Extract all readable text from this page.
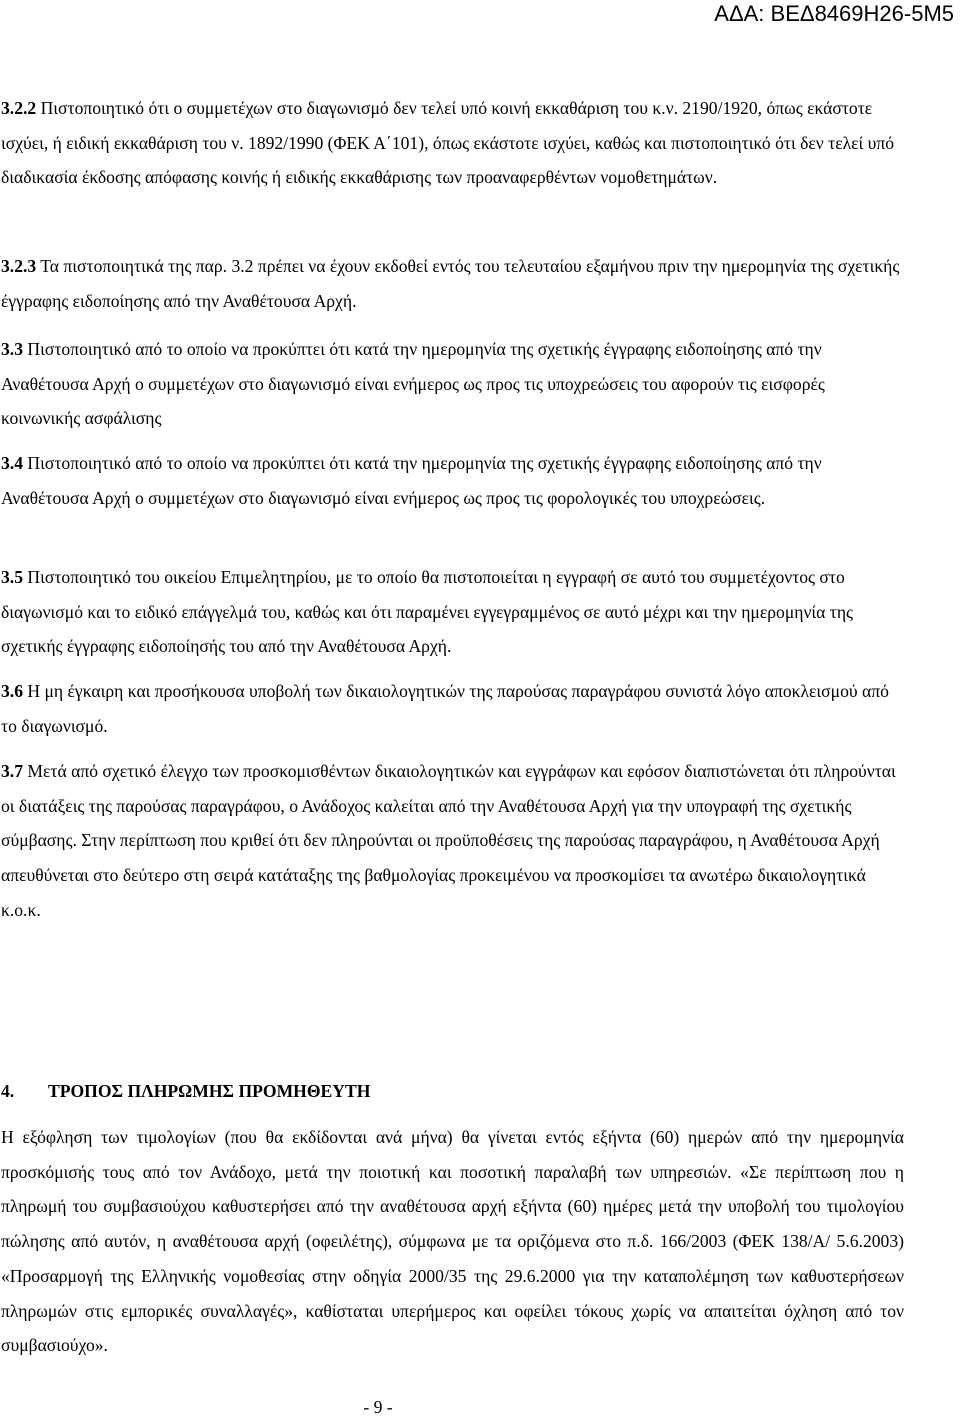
ΑΔΑ: ΒΕΔ8469Η26-5Μ5
3.2.2 Πιστοποιητικό ότι ο συμμετέχων στο διαγωνισμό δεν τελεί υπό κοινή εκκαθάριση του κ.ν. 2190/1920, όπως εκάστοτε ισχύει, ή ειδική εκκαθάριση του ν. 1892/1990 (ΦΕΚ Α΄101), όπως εκάστοτε ισχύει, καθώς και πιστοποιητικό ότι δεν τελεί υπό διαδικασία έκδοσης απόφασης κοινής ή ειδικής εκκαθάρισης των προαναφερθέντων νομοθετημάτων.
3.2.3 Τα πιστοποιητικά της παρ. 3.2 πρέπει να έχουν εκδοθεί εντός του τελευταίου εξαμήνου πριν την ημερομηνία της σχετικής έγγραφης ειδοποίησης από την Αναθέτουσα Αρχή.
3.3 Πιστοποιητικό από το οποίο να προκύπτει ότι κατά την ημερομηνία της σχετικής έγγραφης ειδοποίησης από την Αναθέτουσα Αρχή ο συμμετέχων στο διαγωνισμό είναι ενήμερος ως προς τις υποχρεώσεις του αφορούν τις εισφορές κοινωνικής ασφάλισης
3.4 Πιστοποιητικό από το οποίο να προκύπτει ότι κατά την ημερομηνία της σχετικής έγγραφης ειδοποίησης από την Αναθέτουσα Αρχή ο συμμετέχων στο διαγωνισμό είναι ενήμερος ως προς τις φορολογικές του υποχρεώσεις.
3.5 Πιστοποιητικό του οικείου Επιμελητηρίου, με το οποίο θα πιστοποιείται η εγγραφή σε αυτό του συμμετέχοντος στο διαγωνισμό και το ειδικό επάγγελμά του, καθώς και ότι παραμένει εγγεγραμμένος σε αυτό μέχρι και την ημερομηνία της σχετικής έγγραφης ειδοποίησής του από την Αναθέτουσα Αρχή.
3.6 Η μη έγκαιρη και προσήκουσα υποβολή των δικαιολογητικών της παρούσας παραγράφου συνιστά λόγο αποκλεισμού από το διαγωνισμό.
3.7 Μετά από σχετικό έλεγχο των προσκομισθέντων δικαιολογητικών και εγγράφων και εφόσον διαπιστώνεται ότι πληρούνται οι διατάξεις της παρούσας παραγράφου, ο Ανάδοχος καλείται από την Αναθέτουσα Αρχή για την υπογραφή της σχετικής σύμβασης. Στην περίπτωση που κριθεί ότι δεν πληρούνται οι προϋποθέσεις της παρούσας παραγράφου, η Αναθέτουσα Αρχή απευθύνεται στο δεύτερο στη σειρά κατάταξης της βαθμολογίας προκειμένου να προσκομίσει τα ανωτέρω δικαιολογητικά κ.ο.κ.
4. ΤΡΟΠΟΣ ΠΛΗΡΩΜΗΣ ΠΡΟΜΗΘΕΥΤΗ
Η εξόφληση των τιμολογίων (που θα εκδίδονται ανά μήνα) θα γίνεται εντός εξήντα (60) ημερών από την ημερομηνία προσκόμισής τους από τον Ανάδοχο, μετά την ποιοτική και ποσοτική παραλαβή των υπηρεσιών. «Σε περίπτωση που η πληρωμή του συμβασιούχου καθυστερήσει από την αναθέτουσα αρχή εξήντα (60) ημέρες μετά την υποβολή του τιμολογίου πώλησης από αυτόν, η αναθέτουσα αρχή (οφειλέτης), σύμφωνα με τα οριζόμενα στο π.δ. 166/2003 (ΦΕΚ 138/Α/ 5.6.2003) «Προσαρμογή της Ελληνικής νομοθεσίας στην οδηγία 2000/35 της 29.6.2000 για την καταπολέμηση των καθυστερήσεων πληρωμών στις εμπορικές συναλλαγές», καθίσταται υπερήμερος και οφείλει τόκους χωρίς να απαιτείται όχληση από τον συμβασιούχο».
- 9 -
